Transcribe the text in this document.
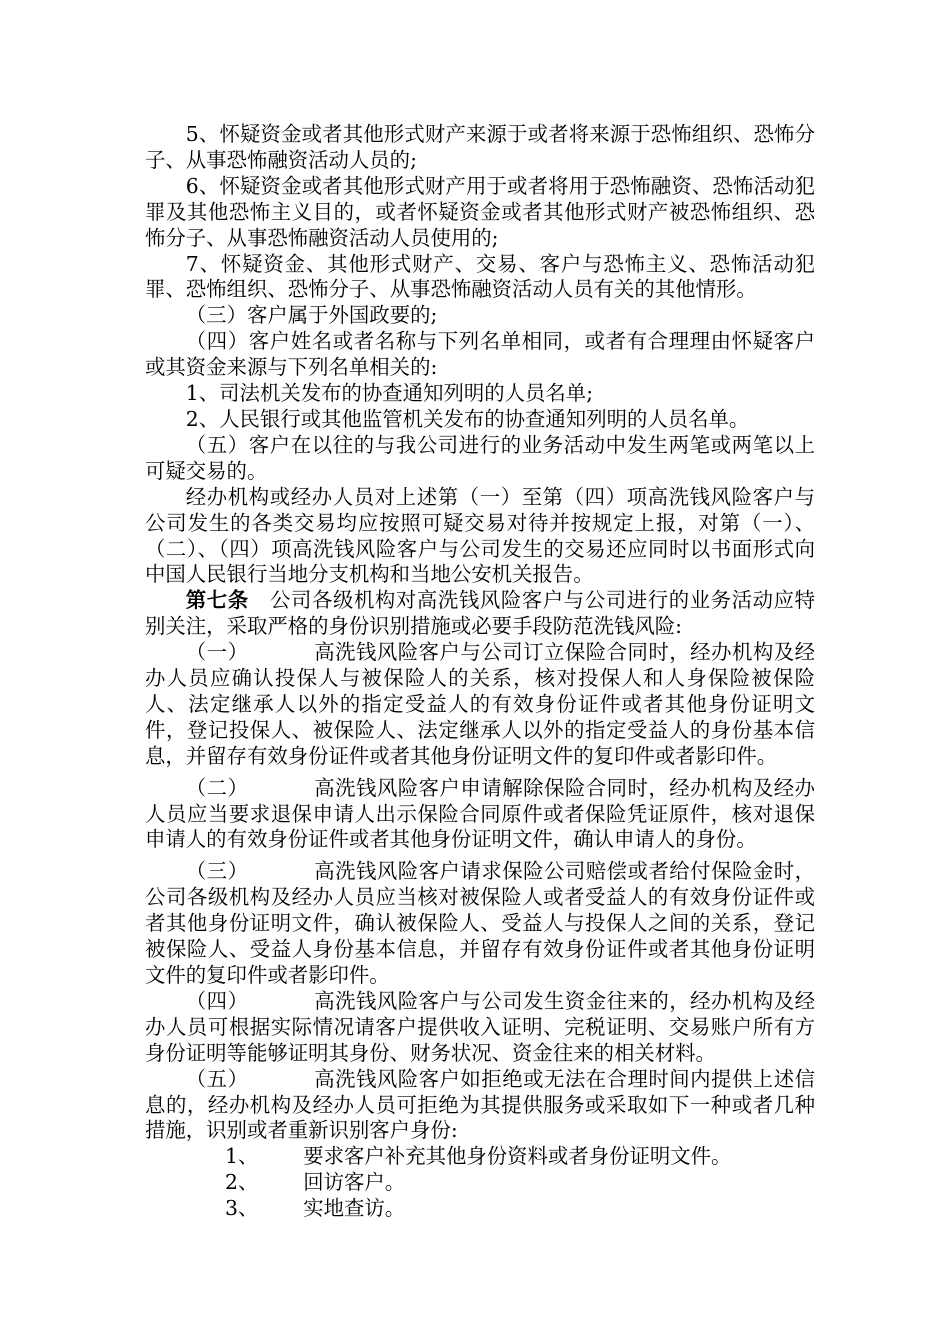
5、怀疑资金或者其他形式财产来源于或者将来源于恐怖组织、恐怖分子、从事恐怖融资活动人员的;

6、怀疑资金或者其他形式财产用于或者将用于恐怖融资、恐怖活动犯罪及其他恐怖主义目的，或者怀疑资金或者其他形式财产被恐怖组织、恐怖分子、从事恐怖融资活动人员使用的;

7、怀疑资金、其他形式财产、交易、客户与恐怖主义、恐怖活动犯罪、恐怖组织、恐怖分子、从事恐怖融资活动人员有关的其他情形。

（三）客户属于外国政要的;

（四）客户姓名或者名称与下列名单相同，或者有合理理由怀疑客户或其资金来源与下列名单相关的:

1、司法机关发布的协查通知列明的人员名单;

2、人民银行或其他监管机关发布的协查通知列明的人员名单。

（五）客户在以往的与我公司进行的业务活动中发生两笔或两笔以上可疑交易的。

经办机构或经办人员对上述第（一）至第（四）项高洗钱风险客户与公司发生的各类交易均应按照可疑交易对待并按规定上报，对第（一）、（二）、（四）项高洗钱风险客户与公司发生的交易还应同时以书面形式向中国人民银行当地分支机构和当地公安机关报告。

第七条 公司各级机构对高洗钱风险客户与公司进行的业务活动应特别关注，采取严格的身份识别措施或必要手段防范洗钱风险:

（一）	高洗钱风险客户与公司订立保险合同时，经办机构及经办人员应确认投保人与被保险人的关系，核对投保人和人身保险被保险人、法定继承人以外的指定受益人的有效身份证件或者其他身份证明文件，登记投保人、被保险人、法定继承人以外的指定受益人的身份基本信息，并留存有效身份证件或者其他身份证明文件的复印件或者影印件。

（二）	高洗钱风险客户申请解除保险合同时，经办机构及经办人员应当要求退保申请人出示保险合同原件或者保险凭证原件，核对退保申请人的有效身份证件或者其他身份证明文件，确认申请人的身份。

（三）	高洗钱风险客户请求保险公司赔偿或者给付保险金时，公司各级机构及经办人员应当核对被保险人或者受益人的有效身份证件或者其他身份证明文件，确认被保险人、受益人与投保人之间的关系，登记被保险人、受益人身份基本信息，并留存有效身份证件或者其他身份证明文件的复印件或者影印件。

（四）	高洗钱风险客户与公司发生资金往来的，经办机构及经办人员可根据实际情况请客户提供收入证明、完税证明、交易账户所有方身份证明等能够证明其身份、财务状况、资金往来的相关材料。

（五）	高洗钱风险客户如拒绝或无法在合理时间内提供上述信息的，经办机构及经办人员可拒绝为其提供服务或采取如下一种或者几种措施，识别或者重新识别客户身份:

1、 要求客户补充其他身份资料或者身份证明文件。

2、 回访客户。

3、 实地查访。
